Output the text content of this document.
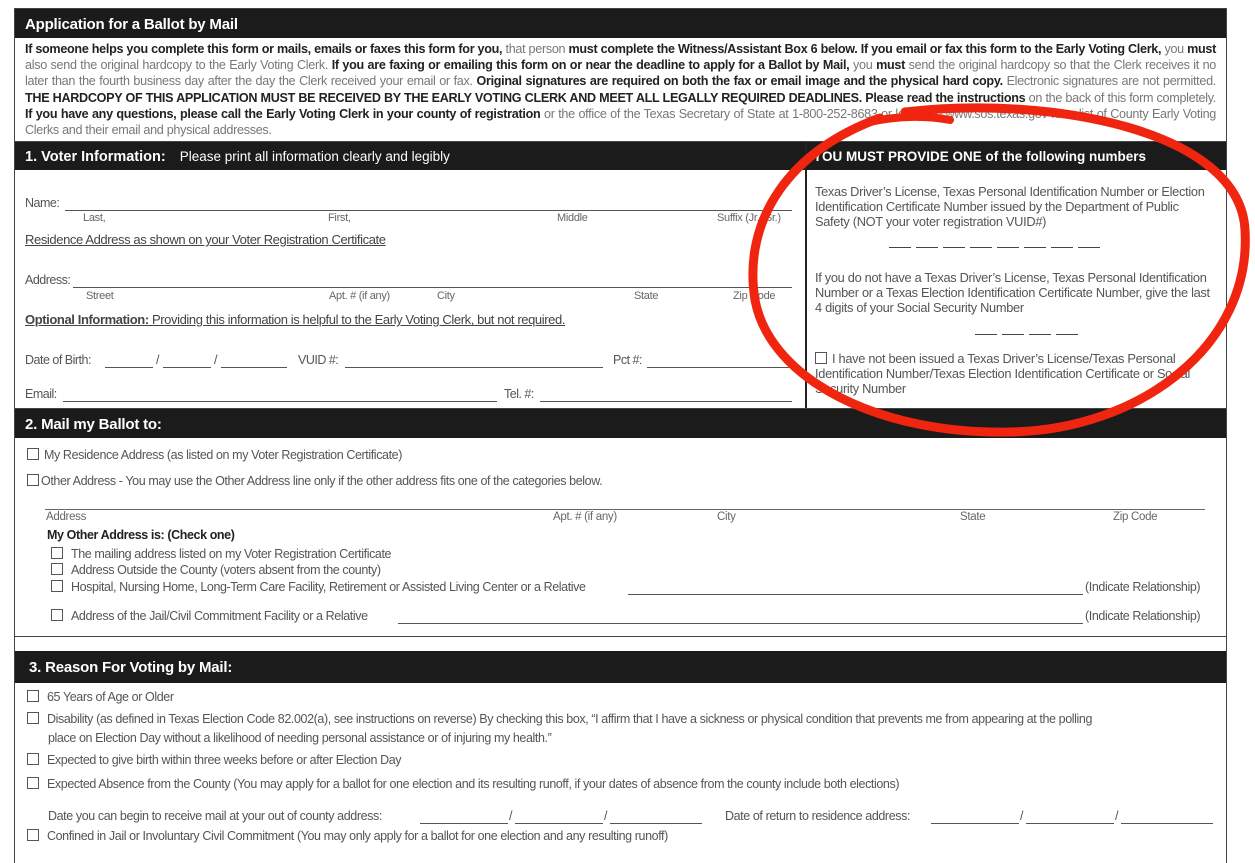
Application for a Ballot by Mail
If someone helps you complete this form or mails, emails or faxes this form for you, that person must complete the Witness/Assistant Box 6 below. If you email or fax this form to the Early Voting Clerk, you must also send the original hardcopy to the Early Voting Clerk. If you are faxing or emailing this form on or near the deadline to apply for a Ballot by Mail, you must send the original hardcopy so that the Clerk receives it no later than the fourth business day after the day the Clerk received your email or fax. Original signatures are required on both the fax or email image and the physical hard copy. Electronic signatures are not permitted. THE HARDCOPY OF THIS APPLICATION MUST BE RECEIVED BY THE EARLY VOTING CLERK AND MEET ALL LEGALLY REQUIRED DEADLINES. Please read the instructions on the back of this form completely. If you have any questions, please call the Early Voting Clerk in your county of registration or the office of the Texas Secretary of State at 1-800-252-8683 or log on to www.sos.texas.gov for a list of County Early Voting Clerks and their email and physical addresses.
1. Voter Information: Please print all information clearly and legibly
Name:
Last,	First,	Middle	Suffix (Jr., Sr.)
Residence Address as shown on your Voter Registration Certificate
Address:
Street	Apt. # (if any)	City	State	Zip Code
Optional Information: Providing this information is helpful to the Early Voting Clerk, but not required.
Date of Birth:	/	/	VUID #:	Pct #:
Email:	Tel. #:
YOU MUST PROVIDE ONE of the following numbers
Texas Driver’s License, Texas Personal Identification Number or Election Identification Certificate Number issued by the Department of Public Safety (NOT your voter registration VUID#)
If you do not have a Texas Driver’s License, Texas Personal Identification Number or a Texas Election Identification Certificate Number, give the last 4 digits of your Social Security Number
I have not been issued a Texas Driver’s License/Texas Personal Identification Number/Texas Election Identification Certificate or Social Security Number
2. Mail my Ballot to:
My Residence Address (as listed on my Voter Registration Certificate)
Other Address - You may use the Other Address line only if the other address fits one of the categories below.
Address	Apt. # (if any)	City	State	Zip Code
My Other Address is: (Check one)
The mailing address listed on my Voter Registration Certificate
Address Outside the County (voters absent from the county)
Hospital, Nursing Home, Long-Term Care Facility, Retirement or Assisted Living Center or a Relative	(Indicate Relationship)
Address of the Jail/Civil Commitment Facility or a Relative	(Indicate Relationship)
3. Reason For Voting by Mail:
65 Years of Age or Older
Disability (as defined in Texas Election Code 82.002(a), see instructions on reverse) By checking this box, “I affirm that I have a sickness or physical condition that prevents me from appearing at the polling
place on Election Day without a likelihood of needing personal assistance or of injuring my health.”
Expected to give birth within three weeks before or after Election Day
Expected Absence from the County (You may apply for a ballot for one election and its resulting runoff, if your dates of absence from the county include both elections)
Date you can begin to receive mail at your out of county address:	/	/	Date of return to residence address:	/	/
Confined in Jail or Involuntary Civil Commitment (You may only apply for a ballot for one election and any resulting runoff)
